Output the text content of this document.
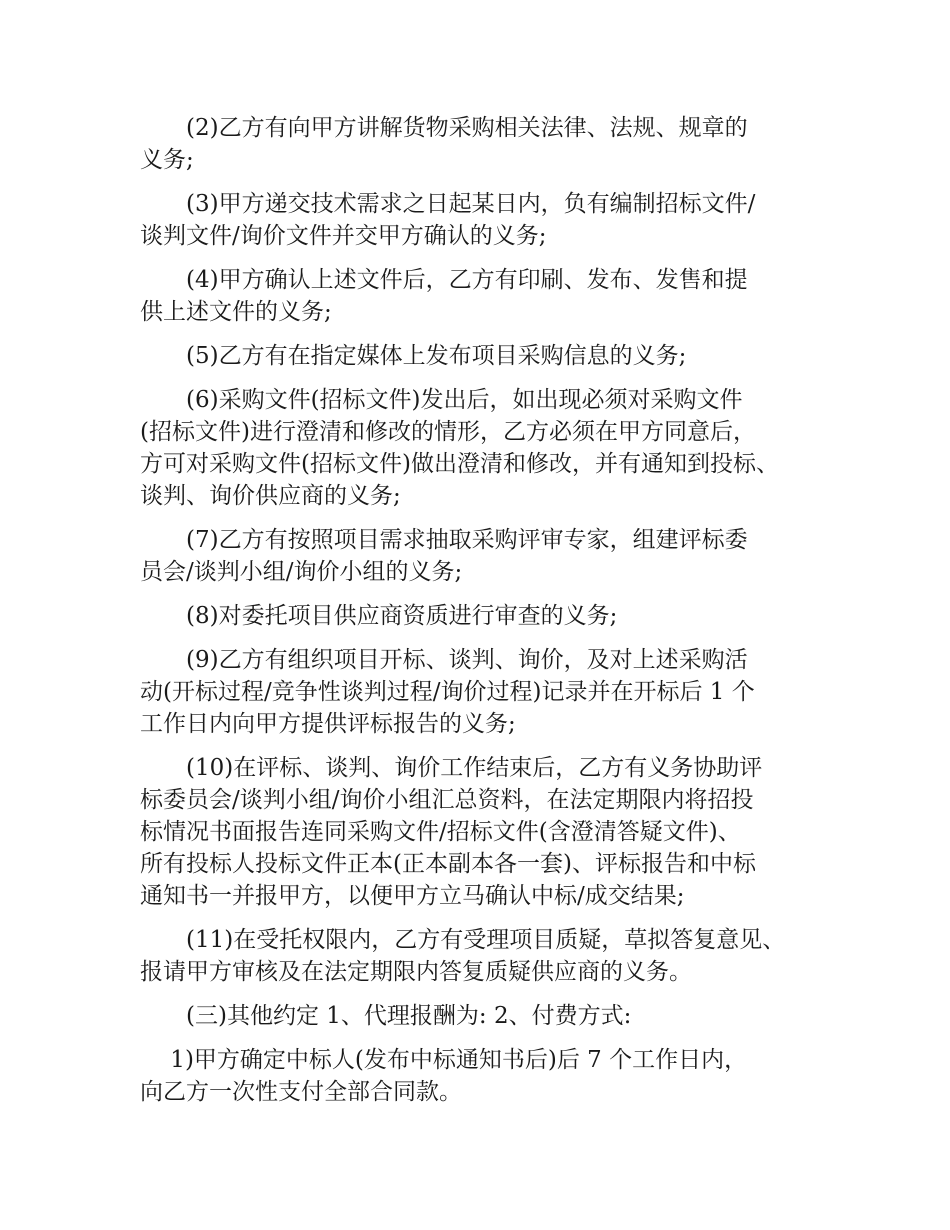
　　(2)乙方有向甲方讲解货物采购相关法律、法规、规章的
义务;

　　(3)甲方递交技术需求之日起某日内，负有编制招标文件/
谈判文件/询价文件并交甲方确认的义务;

　　(4)甲方确认上述文件后，乙方有印刷、发布、发售和提
供上述文件的义务;

　　(5)乙方有在指定媒体上发布项目采购信息的义务;

　　(6)采购文件(招标文件)发出后，如出现必须对采购文件
(招标文件)进行澄清和修改的情形，乙方必须在甲方同意后，
方可对采购文件(招标文件)做出澄清和修改，并有通知到投标、
谈判、询价供应商的义务;

　　(7)乙方有按照项目需求抽取采购评审专家，组建评标委
员会/谈判小组/询价小组的义务;

　　(8)对委托项目供应商资质进行审查的义务;

　　(9)乙方有组织项目开标、谈判、询价，及对上述采购活
动(开标过程/竞争性谈判过程/询价过程)记录并在开标后 1 个
工作日内向甲方提供评标报告的义务;

　　(10)在评标、谈判、询价工作结束后，乙方有义务协助评
标委员会/谈判小组/询价小组汇总资料，在法定期限内将招投
标情况书面报告连同采购文件/招标文件(含澄清答疑文件)、
所有投标人投标文件正本(正本副本各一套)、评标报告和中标
通知书一并报甲方，以便甲方立马确认中标/成交结果;

　　(11)在受托权限内，乙方有受理项目质疑，草拟答复意见、
报请甲方审核及在法定期限内答复质疑供应商的义务。

　　(三)其他约定 1、代理报酬为: 2、付费方式:

　 1)甲方确定中标人(发布中标通知书后)后 7 个工作日内，
向乙方一次性支付全部合同款。
